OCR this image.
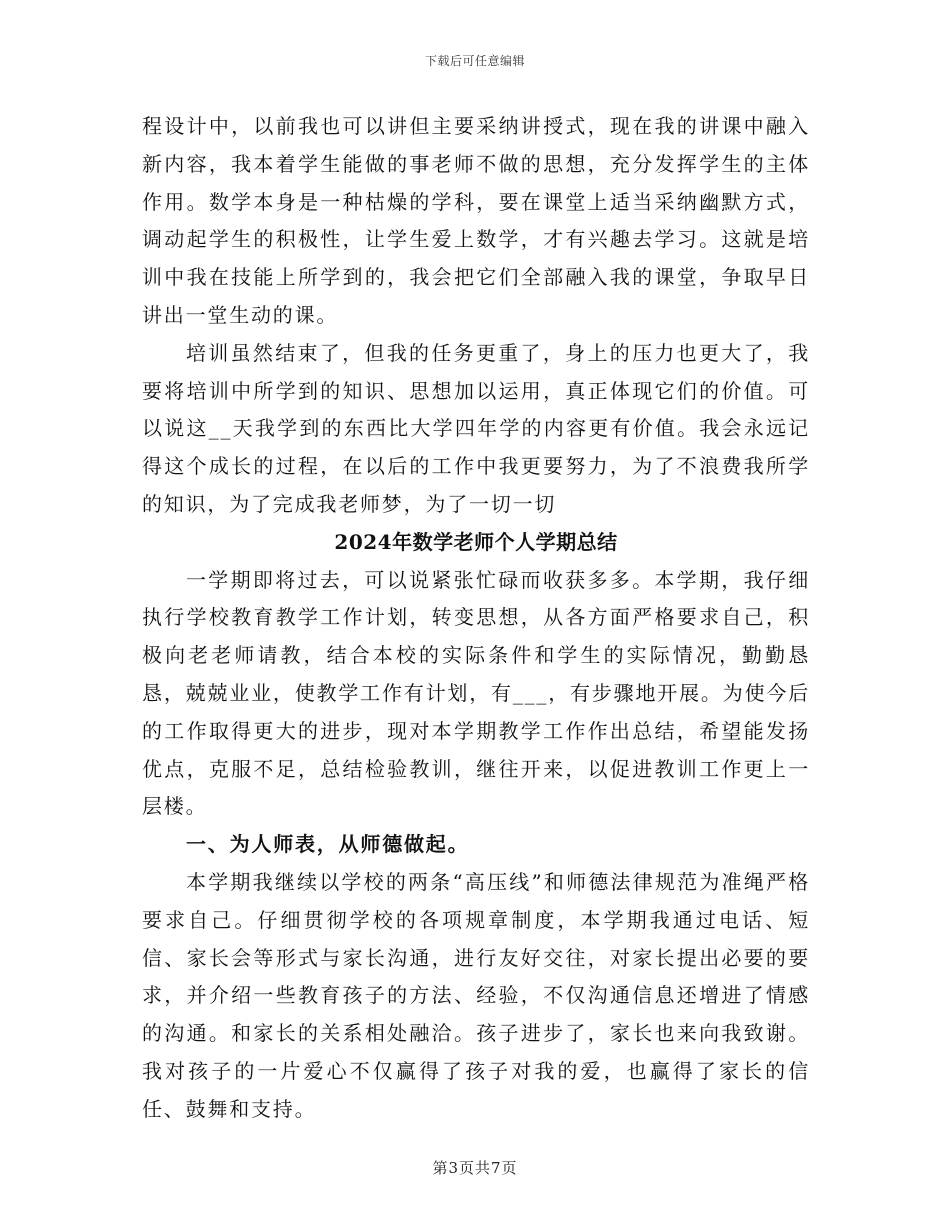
下载后可任意编辑

程设计中，以前我也可以讲但主要采纳讲授式，现在我的讲课中融入新内容，我本着学生能做的事老师不做的思想，充分发挥学生的主体作用。数学本身是一种枯燥的学科，要在课堂上适当采纳幽默方式，调动起学生的积极性，让学生爱上数学，才有兴趣去学习。这就是培训中我在技能上所学到的，我会把它们全部融入我的课堂，争取早日讲出一堂生动的课。

培训虽然结束了，但我的任务更重了，身上的压力也更大了，我要将培训中所学到的知识、思想加以运用，真正体现它们的价值。可以说这__天我学到的东西比大学四年学的内容更有价值。我会永远记得这个成长的过程，在以后的工作中我更要努力，为了不浪费我所学的知识，为了完成我老师梦，为了一切一切

2024年数学老师个人学期总结

一学期即将过去，可以说紧张忙碌而收获多多。本学期，我仔细执行学校教育教学工作计划，转变思想，从各方面严格要求自己，积极向老老师请教，结合本校的实际条件和学生的实际情况，勤勤恳恳，兢兢业业，使教学工作有计划，有___，有步骤地开展。为使今后的工作取得更大的进步，现对本学期教学工作作出总结，希望能发扬优点，克服不足，总结检验教训，继往开来，以促进教训工作更上一层楼。

一、为人师表，从师德做起。

本学期我继续以学校的两条“高压线”和师德法律规范为准绳严格要求自己。仔细贯彻学校的各项规章制度，本学期我通过电话、短信、家长会等形式与家长沟通，进行友好交往，对家长提出必要的要求，并介绍一些教育孩子的方法、经验，不仅沟通信息还增进了情感的沟通。和家长的关系相处融洽。孩子进步了，家长也来向我致谢。我对孩子的一片爱心不仅赢得了孩子对我的爱，也赢得了家长的信任、鼓舞和支持。

第3页共7页
